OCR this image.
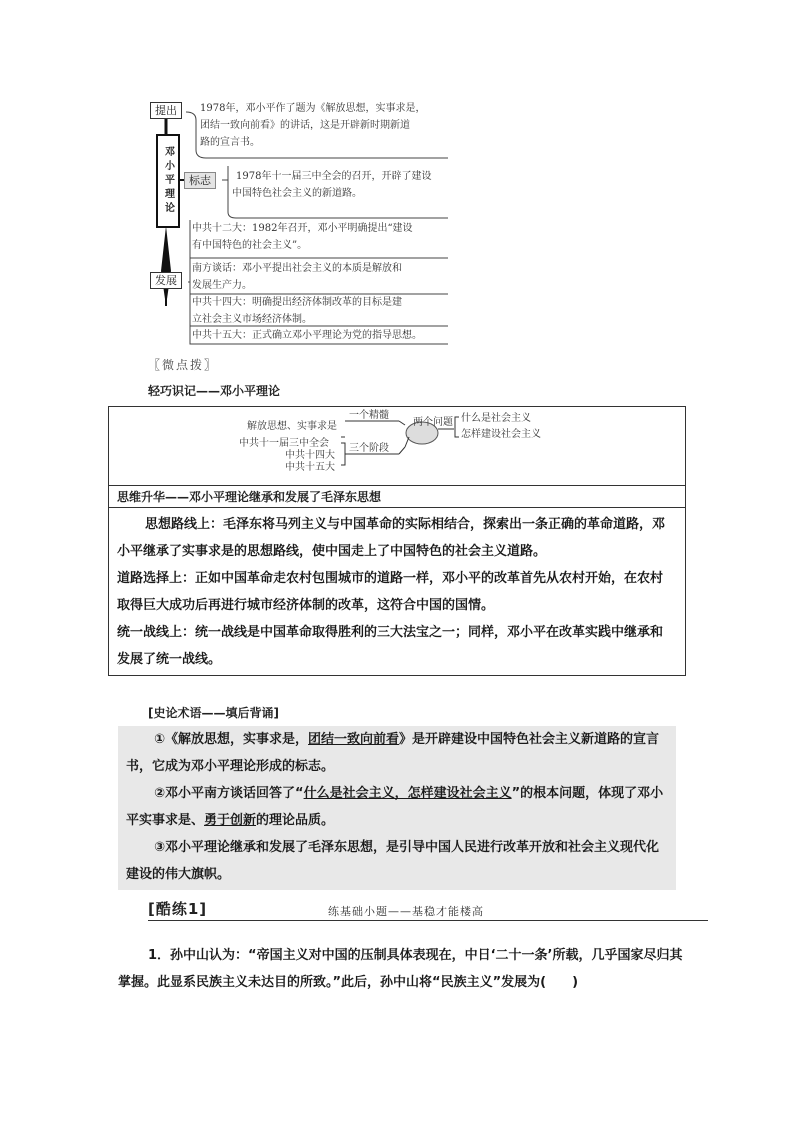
邓小平理论
提出	1978年，邓小平作了题为《解放思想，实事求是，
团结一致向前看》的讲话，这是开辟新时期新道
路的宣言书。
标志	1978年十一届三中全会的召开，开辟了建设
中国特色社会主义的新道路。
发展
中共十二大：1982年召开，邓小平明确提出“建设
有中国特色的社会主义”。
南方谈话：邓小平提出社会主义的本质是解放和
发展生产力。
中共十四大：明确提出经济体制改革的目标是建
立社会主义市场经济体制。
中共十五大：正式确立邓小平理论为党的指导思想。
〖微点拨〗
轻巧识记——邓小平理论
解放思想、实事求是
中共十一届三中全会
中共十四大
中共十五大
一个精髓
三个阶段
两个问题 什么是社会主义
怎样建设社会主义
思维升华——邓小平理论继承和发展了毛泽东思想
思想路线上：毛泽东将马列主义与中国革命的实际相结合，探索出一条正确的革命道路，邓小平继承了实事求是的思想路线，使中国走上了中国特色的社会主义道路。
道路选择上：正如中国革命走农村包围城市的道路一样，邓小平的改革首先从农村开始，在农村取得巨大成功后再进行城市经济体制的改革，这符合中国的国情。
统一战线上：统一战线是中国革命取得胜利的三大法宝之一；同样，邓小平在改革实践中继承和发展了统一战线。
[史论术语——填后背诵]
①《解放思想，实事求是，团结一致向前看》是开辟建设中国特色社会主义新道路的宣言书，它成为邓小平理论形成的标志。
②邓小平南方谈话回答了“什么是社会主义，怎样建设社会主义”的根本问题，体现了邓小平实事求是、勇于创新的理论品质。
③邓小平理论继承和发展了毛泽东思想，是引导中国人民进行改革开放和社会主义现代化建设的伟大旗帜。
[酷练1]	练基础小题——基稳才能楼高
1．孙中山认为：“帝国主义对中国的压制具体表现在，中日‘二十一条’所载，几乎国家尽归其掌握。此显系民族主义未达目的所致。”此后，孙中山将“民族主义”发展为(　　)
